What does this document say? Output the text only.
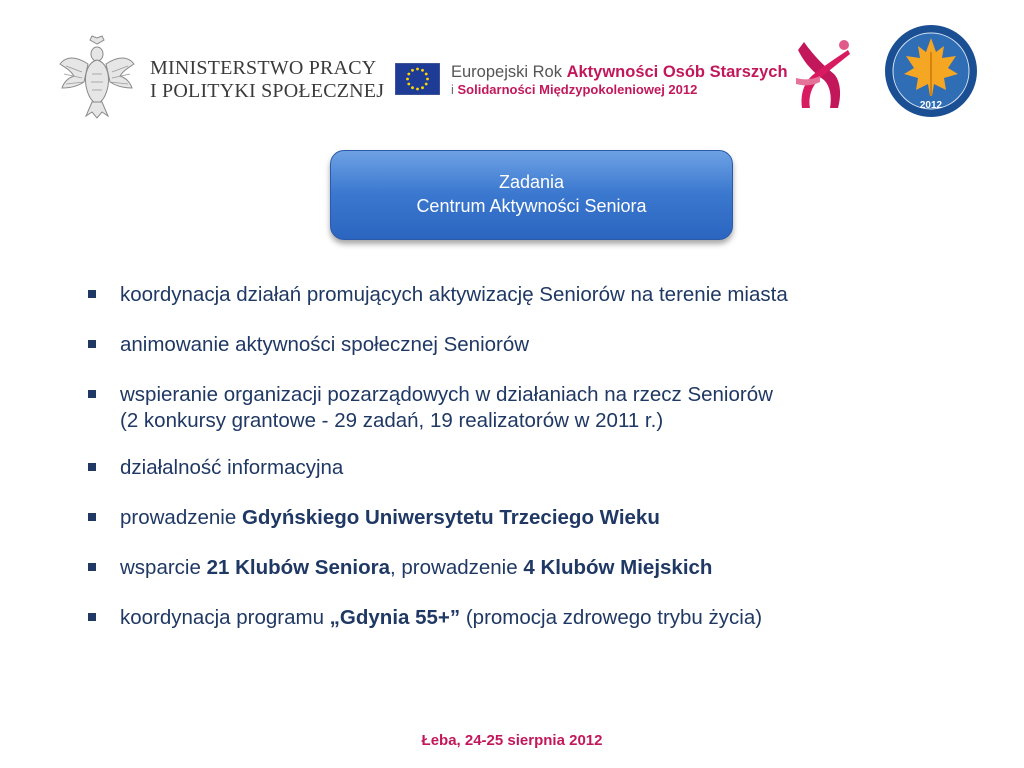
MINISTERSTWO PRACY
I POLITYKI SPOŁECZNEJ
Europejski Rok Aktywności Osób Starszych
i Solidarności Międzypokoleniowej 2012
2012
Zadania
Centrum Aktywności Seniora
koordynacja działań promujących aktywizację Seniorów na terenie miasta
animowanie aktywności społecznej Seniorów
wspieranie organizacji pozarządowych w działaniach na rzecz Seniorów
(2 konkursy grantowe - 29 zadań, 19 realizatorów w 2011 r.)
działalność informacyjna
prowadzenie Gdyńskiego Uniwersytetu Trzeciego Wieku
wsparcie 21 Klubów Seniora, prowadzenie 4 Klubów Miejskich
koordynacja programu „Gdynia 55+” (promocja zdrowego trybu życia)
Łeba, 24-25 sierpnia 2012
